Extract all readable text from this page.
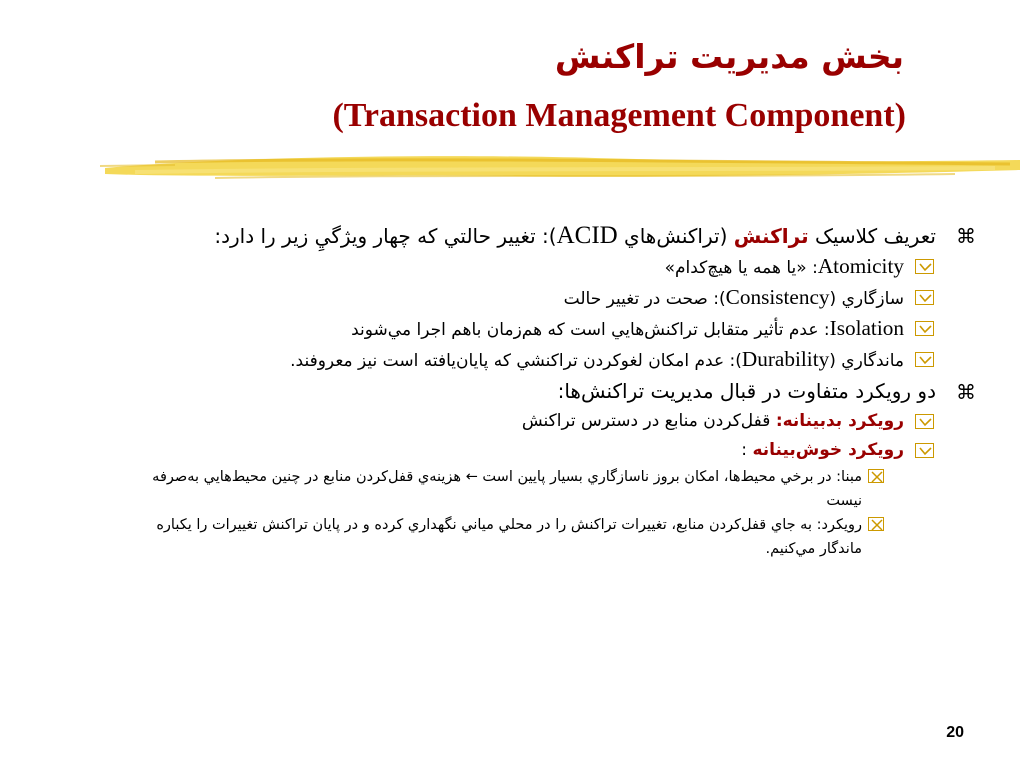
بخش مديريت تراكنش
(Transaction Management Component)
⌘
تعريف كلاسيک تراكنش (تراكنش‌هاي ACID): تغيير حالتي كه چهار ويژگيِ زير را دارد:
Atomicity: «يا همه يا هيچ‌كدام»
سازگاري (Consistency): صحت در تغيير حالت
Isolation: عدم تأثير متقابل تراكنش‌هايي است كه هم‌زمان باهم اجرا مي‌شوند
ماندگاري (Durability): عدم امكان لغوكردن تراكنشي كه پايان‌يافته است نيز معروفند.
⌘
دو رويكرد متفاوت در قبال مديريت تراكنش‌ها:
رويكرد بدبينانه: قفل‌كردن منابع در دسترس تراكنش
رويكرد خوش‌بينانه :
مبنا: در برخي محيط‌ها، امكان بروز ناسازگاري بسيار پايين است ← هزينه‌ي قفل‌كردن منابع در چنين محيط‌هايي به‌صرفه نيست
رويكرد: به جاي قفل‌كردن منابع، تغييرات تراكنش را در محلي مياني نگهداري كرده و در پايان تراكنش تغييرات را يكباره ماندگار مي‌كنيم.
20
